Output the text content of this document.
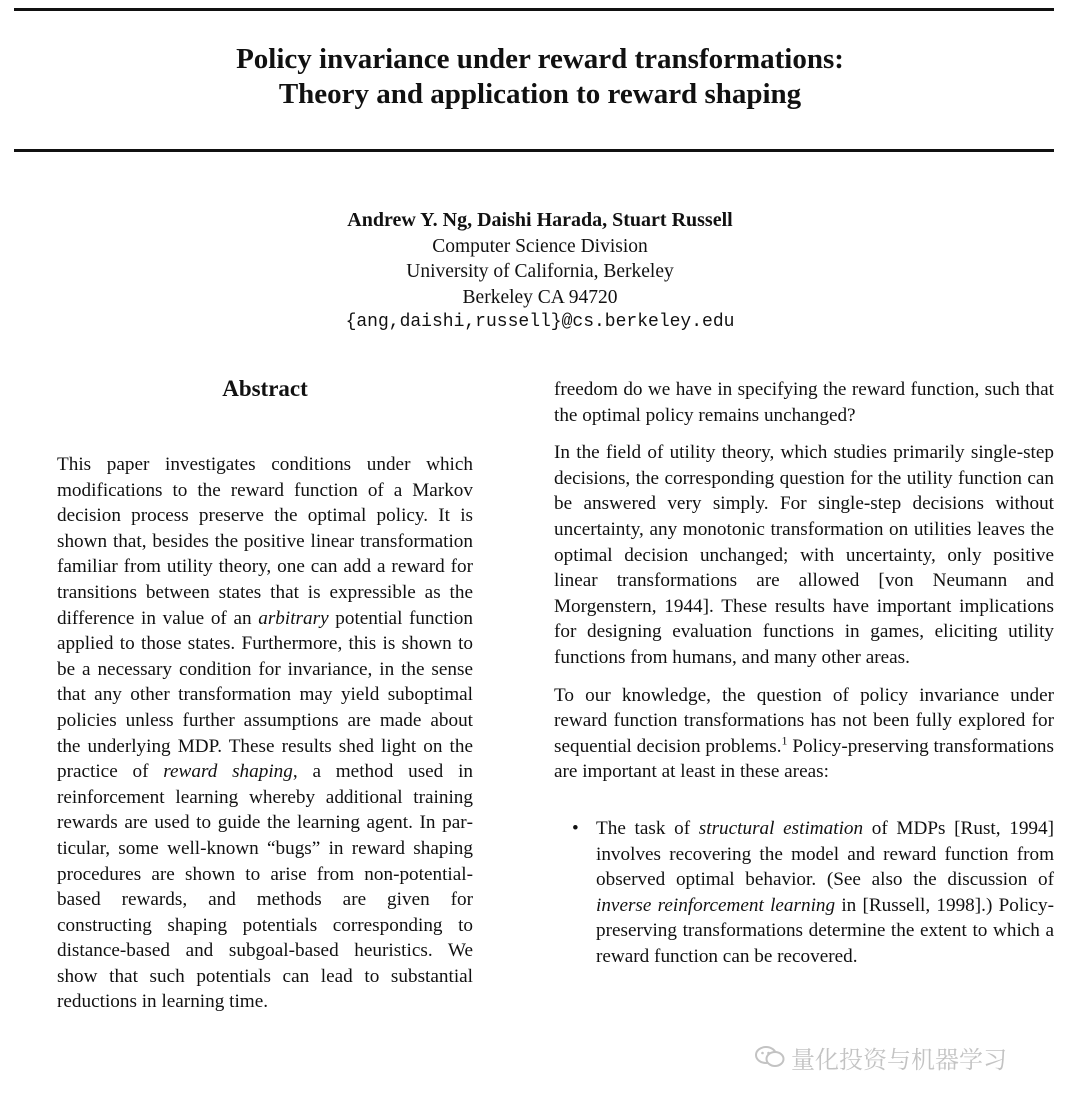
Policy invariance under reward transformations:
Theory and application to reward shaping
Andrew Y. Ng, Daishi Harada, Stuart Russell
Computer Science Division
University of California, Berkeley
Berkeley CA 94720
{ang,daishi,russell}@cs.berkeley.edu
Abstract

This paper investigates conditions under which modifications to the reward function of a Markov decision process preserve the optimal policy. It is shown that, besides the positive linear transformation familiar from utility theory, one can add a reward for transitions between states that is expressible as the difference in value of an arbitrary potential function applied to those states. Furthermore, this is shown to be a necessary condition for invariance, in the sense that any other transformation may yield suboptimal policies unless further assumptions are made about the underlying MDP. These results shed light on the practice of reward shaping, a method used in reinforcement learning whereby additional training rewards are used to guide the learning agent. In particular, some well-known “bugs” in reward shaping procedures are shown to arise from non-potential-based rewards, and methods are given for constructing shaping potentials corresponding to distance-based and subgoal-based heuristics. We show that such potentials can lead to substantial reductions in learning time.

freedom do we have in specifying the reward function, such that the optimal policy remains unchanged?

In the field of utility theory, which studies primarily single-step decisions, the corresponding question for the utility function can be answered very simply. For single-step decisions without uncertainty, any monotonic transformation on utilities leaves the optimal decision unchanged; with uncertainty, only positive linear transformations are allowed [von Neumann and Morgenstern, 1944]. These results have important implications for designing evaluation functions in games, eliciting utility functions from humans, and many other areas.

To our knowledge, the question of policy invariance under reward function transformations has not been fully explored for sequential decision problems.$^1$ Policy-preserving transformations are important at least in these areas:

• The task of structural estimation of MDPs [Rust, 1994] involves recovering the model and reward function from observed optimal behavior. (See also the discussion of inverse reinforcement learning in [Russell, 1998].) Policy-preserving transformations determine the extent to which a reward function can be recovered.
量化投资与机器学习
